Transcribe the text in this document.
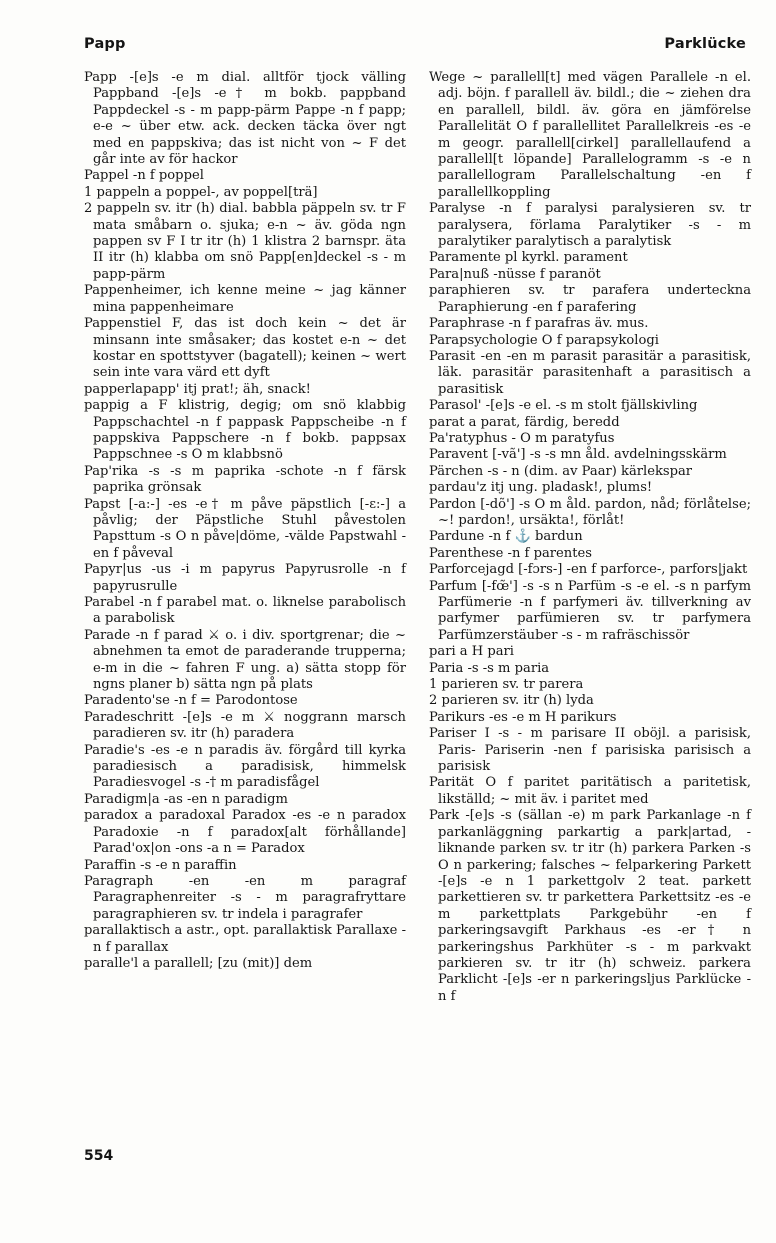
Papp	Parklücke

Papp -[e]s -e m dial. alltför tjock välling Pappband -[e]s -e† m bokb. pappband Pappdeckel -s - m papp-pärm Pappe -n f papp; e-e ~ über etw. ack. decken täcka över ngt med en pappskiva; das ist nicht von ~ F det går inte av för hackor

Pappel -n f poppel

1 pappeln a poppel-, av poppel[trä]

2 pappeln sv. itr (h) dial. babbla päppeln sv. tr F mata småbarn o. sjuka; e-n ~ äv. göda ngn pappen sv F I tr itr (h) 1 klistra 2 barnspr. äta II itr (h) klabba om snö Papp[en]deckel -s - m papp-pärm

Pappenheimer, ich kenne meine ~ jag känner mina pappenheimare

Pappenstiel F, das ist doch kein ~ det är minsann inte småsaker; das kostet e-n ~ det kostar en spottstyver (bagatell); keinen ~ wert sein inte vara värd ett dyft

papperlapapp' itj prat!; äh, snack!

pappig a F klistrig, degig; om snö klabbig Pappschachtel -n f pappask Pappscheibe -n f pappskiva Pappschere -n f bokb. pappsax Pappschnee -s O m klabbsnö

Pap'rika -s -s m paprika -schote -n f färsk paprika grönsak

Papst [-a:-] -es -e† m påve päpstlich [-ɛ:-] a påvlig; der Päpstliche Stuhl påvestolen Papsttum -s O n påve|döme, -välde Papstwahl -en f påveval

Papyr|us -us -i m papyrus Papyrusrolle -n f papyrusrulle

Parabel -n f parabel mat. o. liknelse parabolisch a parabolisk

Parade -n f parad ⚔ o. i div. sportgrenar; die ~ abnehmen ta emot de paraderande trupperna; e-m in die ~ fahren F ung. a) sätta stopp för ngns planer b) sätta ngn på plats

Paradento'se -n f = Parodontose

Paradeschritt -[e]s -e m ⚔ noggrann marsch paradieren sv. itr (h) paradera

Paradie's -es -e n paradis äv. förgård till kyrka paradiesisch a paradisisk, himmelsk Paradiesvogel -s -† m paradisfågel

Paradigm|a -as -en n paradigm

paradox a paradoxal Paradox -es -e n paradox Paradoxie -n f paradox[alt förhållande] Parad'ox|on -ons -a n = Paradox

Paraffin -s -e n paraffin

Paragraph -en -en m paragraf Paragraphenreiter -s - m paragrafryttare paragraphieren sv. tr indela i paragrafer

parallaktisch a astr., opt. parallaktisk Parallaxe -n f parallax

paralle'l a parallell; [zu (mit)] dem

Wege ~ parallell[t] med vägen Parallele -n el. adj. böjn. f parallell äv. bildl.; die ~ ziehen dra en parallell, bildl. äv. göra en jämförelse Parallelität O f parallellitet Parallelkreis -es -e m geogr. parallell[cirkel] parallellaufend a parallell[t löpande] Parallelogramm -s -e n parallellogram Parallelschaltung -en f parallellkoppling

Paralyse -n f paralysi paralysieren sv. tr paralysera, förlama Paralytiker -s - m paralytiker paralytisch a paralytisk

Paramente pl kyrkl. parament

Para|nuß -nüsse f paranöt

paraphieren sv. tr parafera underteckna Paraphierung -en f parafering

Paraphrase -n f parafras äv. mus.

Parapsychologie O f parapsykologi

Parasit -en -en m parasit parasitär a parasitisk, läk. parasitär parasitenhaft a parasitisch a parasitisk

Parasol' -[e]s -e el. -s m stolt fjällskivling

parat a parat, färdig, beredd

Pa'ratyphus - O m paratyfus

Paravent [-vã'] -s -s mn åld. avdelningsskärm

Pärchen -s - n (dim. av Paar) kärlekspar

pardau'z itj ung. pladask!, plums!

Pardon [-dõ'] -s O m åld. pardon, nåd; förlåtelse; ~! pardon!, ursäkta!, förlåt!

Pardune -n f ⚓ bardun

Parenthese -n f parentes

Parforcejagd [-fɔrs-] -en f parforce-, parfors|jakt

Parfum [-fœ̃'] -s -s n Parfüm -s -e el. -s n parfym Parfümerie -n f parfymeri äv. tillverkning av parfymer parfümieren sv. tr parfymera Parfümzerstäuber -s - m rafräschissör

pari a H pari

Paria -s -s m paria

1 parieren sv. tr parera

2 parieren sv. itr (h) lyda

Parikurs -es -e m H parikurs

Pariser I -s - m parisare II oböjl. a parisisk, Paris- Pariserin -nen f parisiska parisisch a parisisk

Parität O f paritet paritätisch a paritetisk, likställd; ~ mit äv. i paritet med

Park -[e]s -s (sällan -e) m park Parkanlage -n f parkanläggning parkartig a park|artad, -liknande parken sv. tr itr (h) parkera Parken -s O n parkering; falsches ~ felparkering Parkett -[e]s -e n 1 parkettgolv 2 teat. parkett parkettieren sv. tr parkettera Parkettsitz -es -e m parkettplats Parkgebühr -en f parkeringsavgift Parkhaus -es -er† n parkeringshus Parkhüter -s - m parkvakt parkieren sv. tr itr (h) schweiz. parkera Parklicht -[e]s -er n parkeringsljus Parklücke -n f

554
